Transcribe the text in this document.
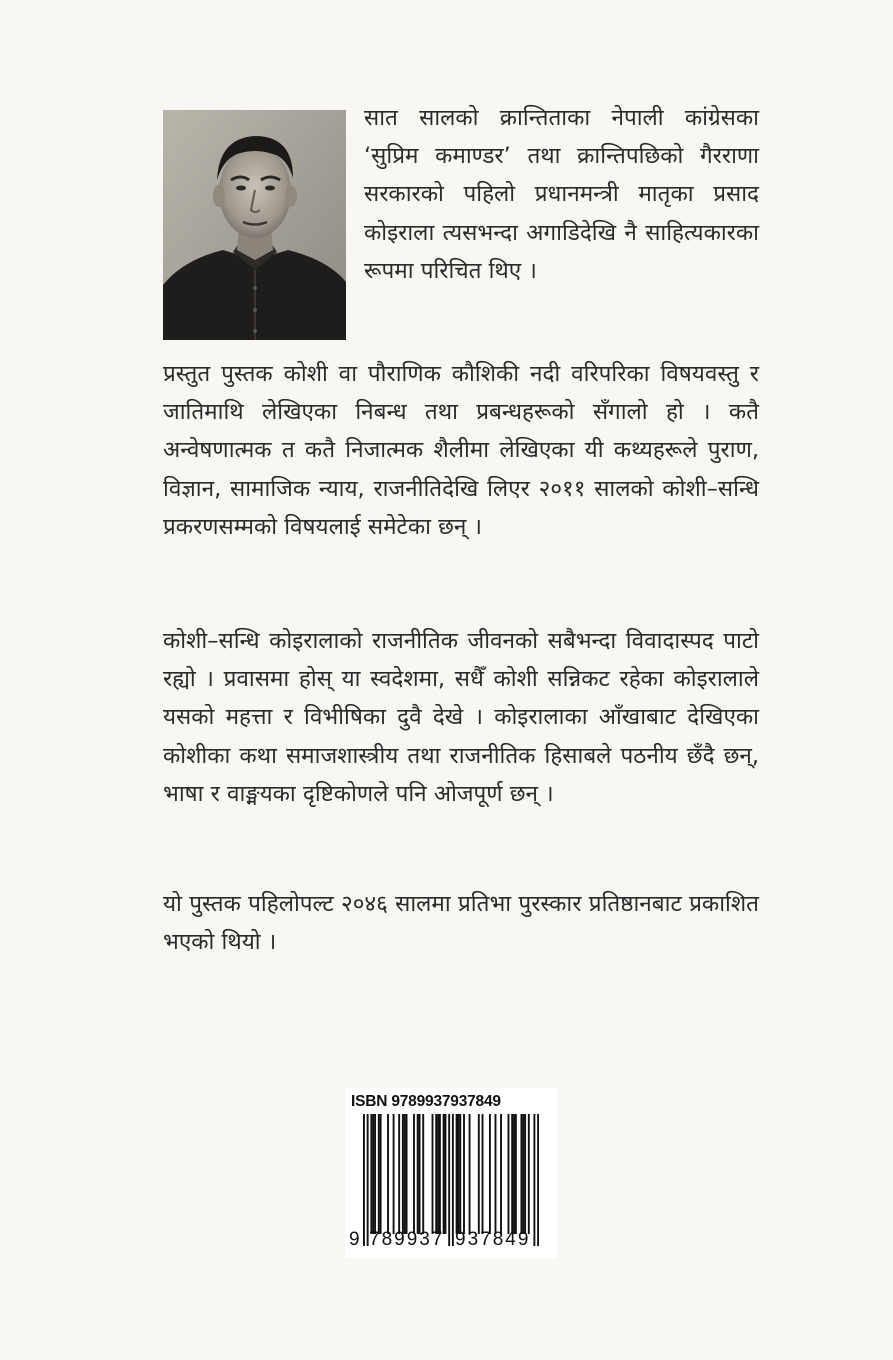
सात सालको क्रान्तिताका नेपाली कांग्रेसका ‘सुप्रिम कमाण्डर’ तथा क्रान्तिपछिको गैरराणा सरकारको पहिलो प्रधानमन्त्री मातृका प्रसाद कोइराला त्यसभन्दा अगाडिदेखि नै साहित्यकारका रूपमा परिचित थिए ।

प्रस्तुत पुस्तक कोशी वा पौराणिक कौशिकी नदी वरिपरिका विषयवस्तु र जातिमाथि लेखिएका निबन्ध तथा प्रबन्धहरूको सँगालो हो । कतै अन्वेषणात्मक त कतै निजात्मक शैलीमा लेखिएका यी कथ्यहरूले पुराण, विज्ञान, सामाजिक न्याय, राजनीतिदेखि लिएर २०११ सालको कोशी–सन्धि प्रकरणसम्मको विषयलाई समेटेका छन् ।

कोशी–सन्धि कोइरालाको राजनीतिक जीवनको सबैभन्दा विवादास्पद पाटो रह्यो । प्रवासमा होस् या स्वदेशमा, सधैँ कोशी सन्निकट रहेका कोइरालाले यसको महत्ता र विभीषिका दुवै देखे । कोइरालाका आँखाबाट देखिएका कोशीका कथा समाजशास्त्रीय तथा राजनीतिक हिसाबले पठनीय छँदै छन्, भाषा र वाङ्मयका दृष्टिकोणले पनि ओजपूर्ण छन् ।

यो पुस्तक पहिलोपल्ट २०४६ सालमा प्रतिभा पुरस्कार प्रतिष्ठानबाट प्रकाशित भएको थियो ।

ISBN 9789937937849
9 789937 937849
